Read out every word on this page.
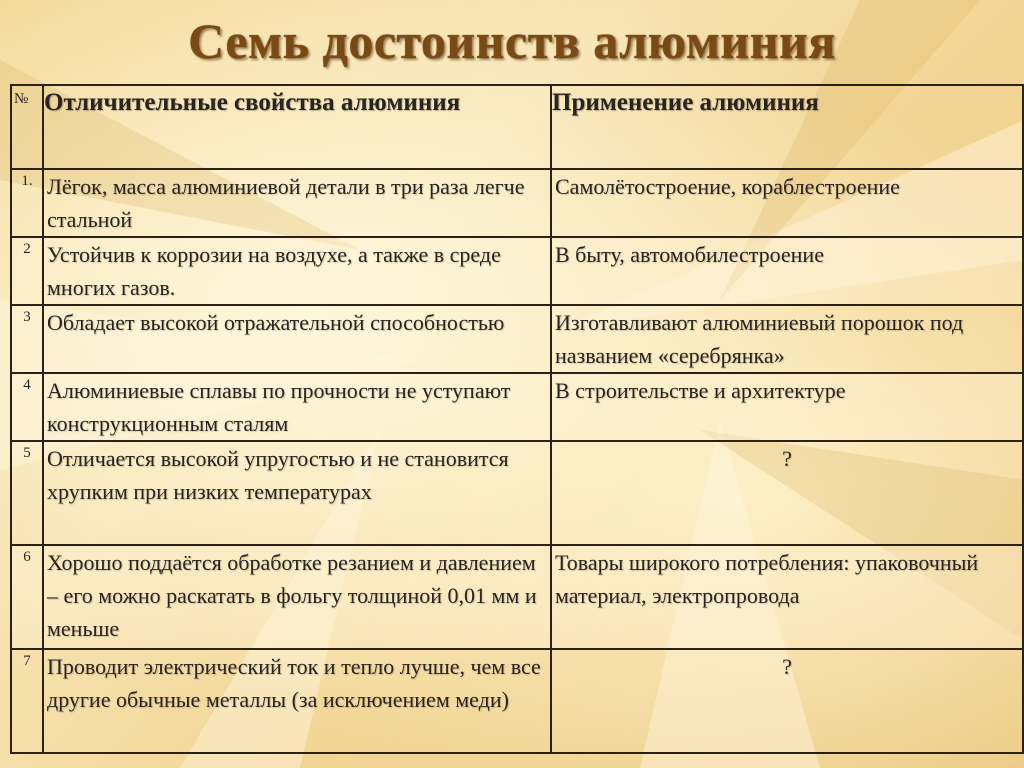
Семь достоинств алюминия
№	Отличительные свойства алюминия	Применение алюминия
1.	Лёгок, масса алюминиевой детали в три раза легче стальной	Самолётостроение, кораблестроение
2	Устойчив к коррозии на воздухе, а также в среде многих газов.	В быту, автомобилестроение
3	Обладает высокой отражательной способностью	Изготавливают алюминиевый порошок под названием «серебрянка»
4	Алюминиевые сплавы по прочности не уступают конструкционным сталям	В строительстве и архитектуре
5	Отличается высокой упругостью и не становится хрупким при низких температурах	?
6	Хорошо поддаётся обработке резанием и давлением – его можно раскатать в фольгу толщиной 0,01 мм и меньше	Товары широкого потребления: упаковочный материал, электропровода
7	Проводит электрический ток и тепло лучше, чем все другие обычные металлы (за исключением меди)	?
